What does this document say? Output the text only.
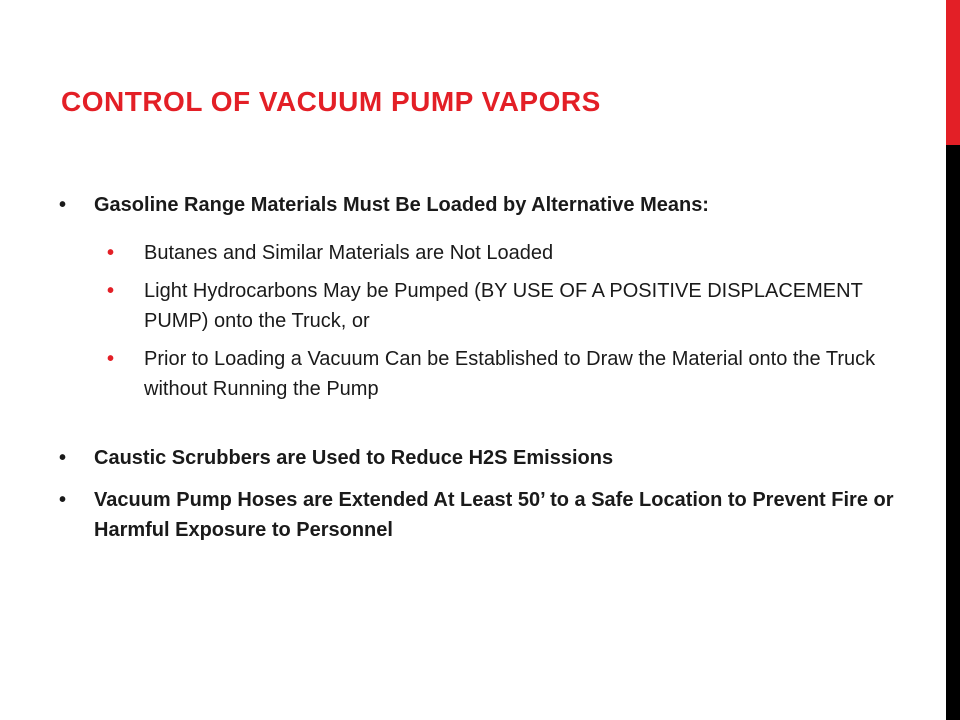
CONTROL OF VACUUM PUMP VAPORS
• Gasoline Range Materials Must Be Loaded by Alternative Means:
• Butanes and Similar Materials are Not Loaded
• Light Hydrocarbons May be Pumped (BY USE OF A POSITIVE DISPLACEMENT PUMP) onto the Truck, or
• Prior to Loading a Vacuum Can be Established to Draw the Material onto the Truck without Running the Pump
• Caustic Scrubbers are Used to Reduce H2S Emissions
• Vacuum Pump Hoses are Extended At Least 50’ to a Safe Location to Prevent Fire or Harmful Exposure to Personnel
